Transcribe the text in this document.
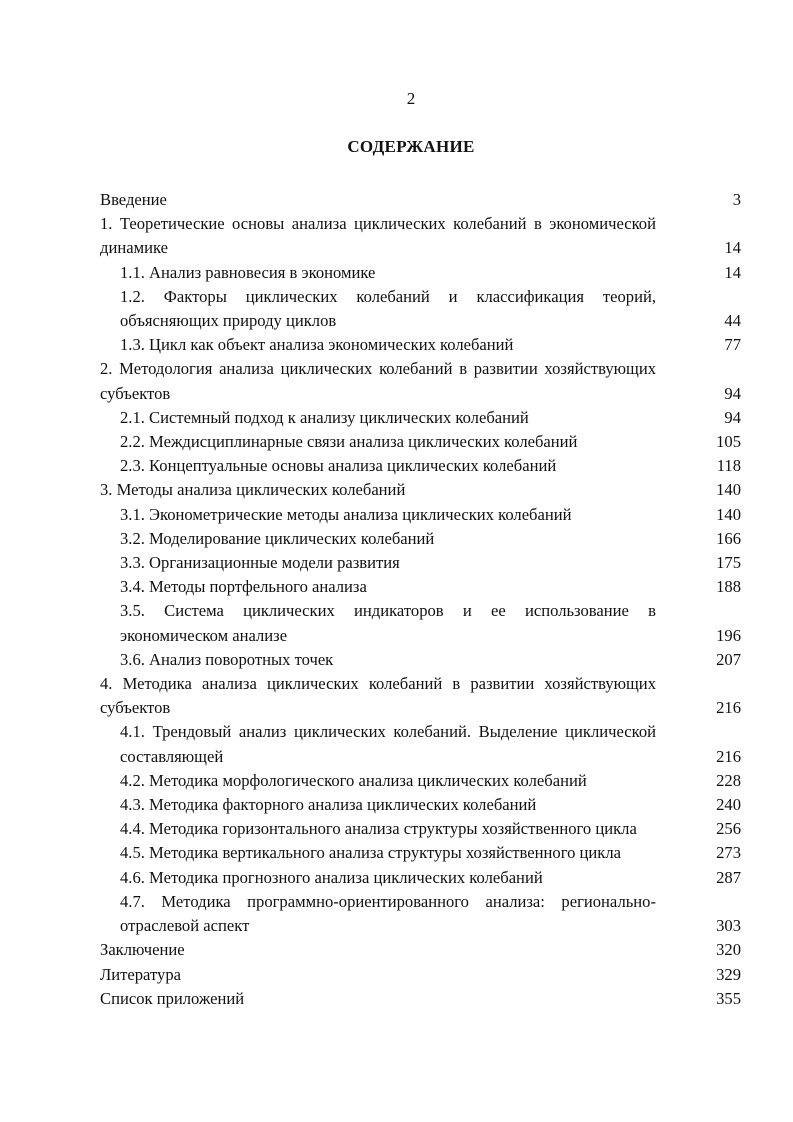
2
СОДЕРЖАНИЕ
Введение	3
1. Теоретические основы анализа циклических колебаний в экономической динамике	14
1.1. Анализ равновесия в экономике	14
1.2. Факторы циклических колебаний и классификация теорий, объясняющих природу циклов	44
1.3. Цикл как объект анализа экономических колебаний	77
2. Методология анализа циклических колебаний в развитии хозяйствующих субъектов	94
2.1. Системный подход к анализу циклических колебаний	94
2.2. Междисциплинарные связи анализа циклических колебаний	105
2.3. Концептуальные основы анализа циклических колебаний	118
3. Методы анализа циклических колебаний	140
3.1. Эконометрические методы анализа циклических колебаний	140
3.2. Моделирование циклических колебаний	166
3.3. Организационные модели развития	175
3.4. Методы портфельного анализа	188
3.5. Система циклических индикаторов и ее использование в экономическом анализе	196
3.6. Анализ поворотных точек	207
4. Методика анализа циклических колебаний в развитии хозяйствующих субъектов	216
4.1. Трендовый анализ циклических колебаний. Выделение циклической составляющей	216
4.2. Методика морфологического анализа циклических колебаний	228
4.3. Методика факторного анализа циклических колебаний	240
4.4. Методика горизонтального анализа структуры хозяйственного цикла	256
4.5. Методика вертикального анализа структуры хозяйственного цикла	273
4.6. Методика прогнозного анализа циклических колебаний	287
4.7. Методика программно-ориентированного анализа: регионально-отраслевой аспект	303
Заключение	320
Литература	329
Список приложений	355
